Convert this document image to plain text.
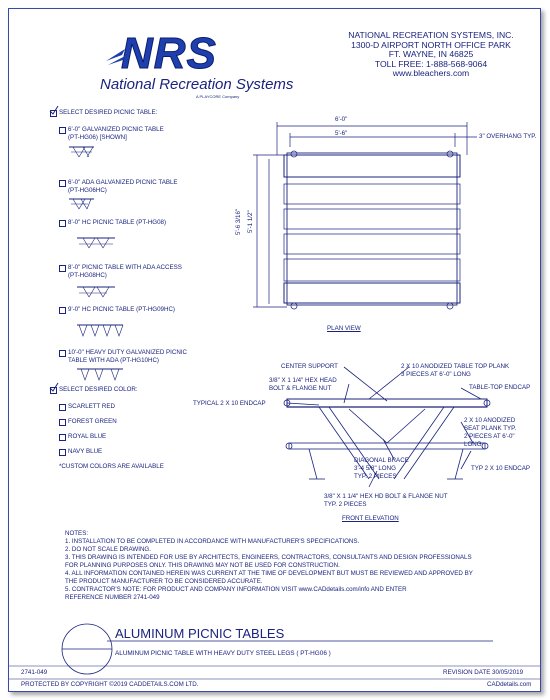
NRS
National Recreation Systems
A PLAYCORE Company
NATIONAL RECREATION SYSTEMS, INC.
1300-D AIRPORT NORTH OFFICE PARK
FT. WAYNE, IN 46825
TOLL FREE: 1-888-568-9064
www.bleachers.com
SELECT DESIRED PICNIC TABLE:
6'-0" GALVANIZED PICNIC TABLE
(PT-HG06) [SHOWN]
6'-0" ADA GALVANIZED PICNIC TABLE
(PT-HG06HC)
8'-0" HC PICNIC TABLE (PT-HG08)
8'-0" PICNIC TABLE WITH ADA ACCESS
(PT-HG08HC)
9'-0" HC PICNIC TABLE (PT-HG09HC)
10'-0" HEAVY DUTY GALVANIZED PICNIC
TABLE WITH ADA (PT-HG10HC)
SELECT DESIRED COLOR:
SCARLETT RED
FOREST GREEN
ROYAL BLUE
NAVY BLUE
*CUSTOM COLORS ARE AVAILABLE
6'-0"
5'-6"	3" OVERHANG TYP.
5'-6 3/16" 5'-1 1/2"
PLAN VIEW
CENTER SUPPORT
3/8" X 1 1/4" HEX HEAD
BOLT & FLANGE NUT
TYPICAL 2 X 10 ENDCAP
2 X 10 ANODIZED TABLE TOP PLANK
3 PIECES AT 6'-0" LONG
TABLE-TOP ENDCAP
2 X 10 ANODIZED
SEAT PLANK TYP.
2 PIECES AT 6'-0"
LONG
TYP 2 X 10 ENDCAP
DIAGONAL BRACE
3'-4 5/8" LONG
TYP. 2 PIECES
3/8" X 1 1/4" HEX HD BOLT & FLANGE NUT
TYP. 2 PIECES
FRONT ELEVATION
NOTES:
1. INSTALLATION TO BE COMPLETED IN ACCORDANCE WITH MANUFACTURER'S SPECIFICATIONS.
2. DO NOT SCALE DRAWING.
3. THIS DRAWING IS INTENDED FOR USE BY ARCHITECTS, ENGINEERS, CONTRACTORS, CONSULTANTS AND DESIGN PROFESSIONALS
FOR PLANNING PURPOSES ONLY. THIS DRAWING MAY NOT BE USED FOR CONSTRUCTION.
4. ALL INFORMATION CONTAINED HEREIN WAS CURRENT AT THE TIME OF DEVELOPMENT BUT MUST BE REVIEWED AND APPROVED BY
THE PRODUCT MANUFACTURER TO BE CONSIDERED ACCURATE.
5. CONTRACTOR'S NOTE: FOR PRODUCT AND COMPANY INFORMATION VISIT www.CADdetails.com/info AND ENTER
REFERENCE NUMBER 2741-049
ALUMINUM PICNIC TABLES
ALUMINUM PICNIC TABLE WITH HEAVY DUTY STEEL LEGS ( PT-HG06 )
2741-049	REVISION DATE 30/05/2019
PROTECTED BY COPYRIGHT ©2019 CADDETAILS.COM LTD.	CADdetails.com
